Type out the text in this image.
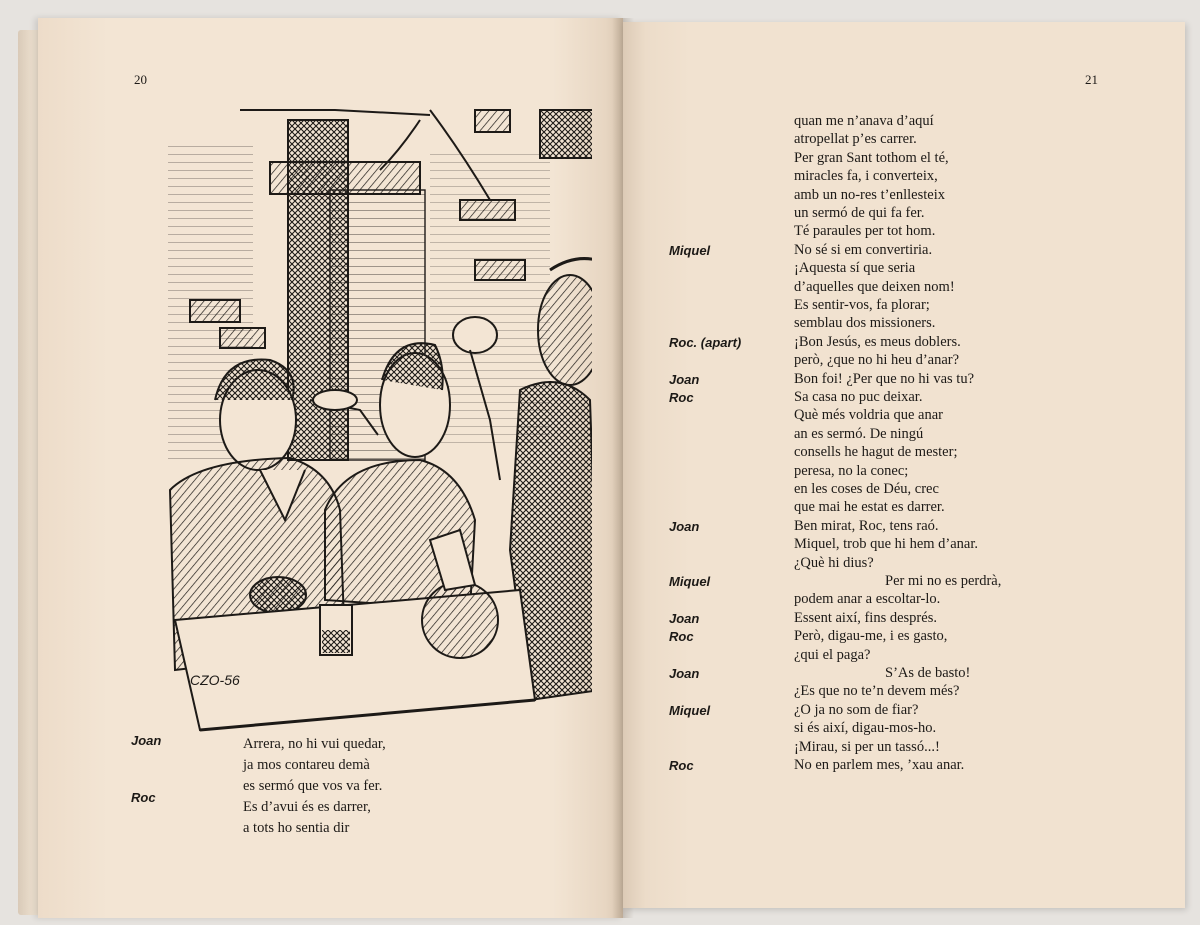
20
CZO-56
Joan
Roc
Arrera, no hi vui quedar,
ja mos contareu demà
es sermó que vos va fer.
Es d’avui és es darrer,
a tots ho sentia dir
21
Miquel
Roc. (apart)
Joan
Roc
Joan
Miquel
Joan
Roc
Joan
Miquel
Roc
quan me n’anava d’aquí
atropellat p’es carrer.
Per gran Sant tothom el té,
miracles fa, i converteix,
amb un no-res t’enllesteix
un sermó de qui fa fer.
Té paraules per tot hom.
No sé si em convertiria.
¡Aquesta sí que seria
d’aquelles que deixen nom!
Es sentir-vos, fa plorar;
semblau dos missioners.
¡Bon Jesús, es meus doblers.
però, ¿que no hi heu d’anar?
Bon foi! ¿Per que no hi vas tu?
Sa casa no puc deixar.
Què més voldria que anar
an es sermó. De ningú
consells he hagut de mester;
peresa, no la conec;
en les coses de Déu, crec
que mai he estat es darrer.
Ben mirat, Roc, tens raó.
Miquel, trob que hi hem d’anar.
¿Què hi dius?
Per mi no es perdrà,
podem anar a escoltar-lo.
Essent així, fins després.
Però, digau-me, i es gasto,
¿qui el paga?
S’As de basto!
¿Es que no te’n devem més?
¿O ja no som de fiar?
si és així, digau-mos-ho.
¡Mirau, si per un tassó...!
No en parlem mes, ’xau anar.
